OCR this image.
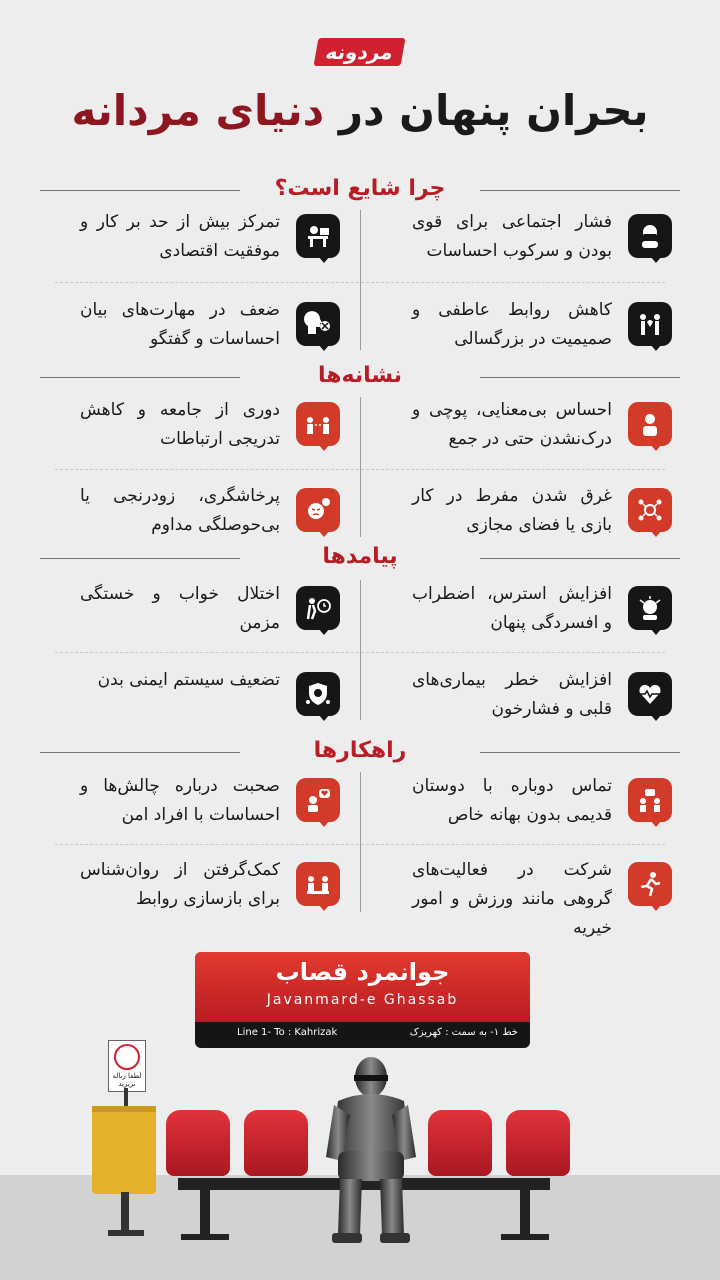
مردونه
بحران پنهان در دنیای مردانه
چرا شایع است؟
فشار اجتماعی برای قوی بودن و سرکوب احساسات
تمرکز بیش از حد بر کار و موفقیت اقتصادی
کاهش روابط عاطفی و صمیمیت در بزرگسالی
ضعف در مهارت‌های بیان احساسات و گفتگو
نشانه‌ها
احساس بی‌معنایی، پوچی و درک‌نشدن حتی در جمع
دوری از جامعه و کاهش تدریجی ارتباطات
غرق شدن مفرط در کار بازی یا فضای مجازی
پرخاشگری، زودرنجی یا بی‌حوصلگی مداوم
پیامدها
افزایش استرس، اضطراب و افسردگی پنهان
اختلال خواب و خستگی مزمن
افزایش خطر بیماری‌های قلبی و فشارخون
تضعیف سیستم ایمنی بدن
راهکارها
تماس دوباره با دوستان قدیمی بدون بهانه خاص
صحبت درباره چالش‌ها و احساسات با افراد امن
شرکت در فعالیت‌های گروهی مانند ورزش و امور خیریه
کمک‌گرفتن از روان‌شناس برای بازسازی روابط
جوانمرد قصاب
Javanmard-e Ghassab
Line 1- To : Kahrizak	خط ۱- به سمت : کهریزک
لطفا زباله نریزید
